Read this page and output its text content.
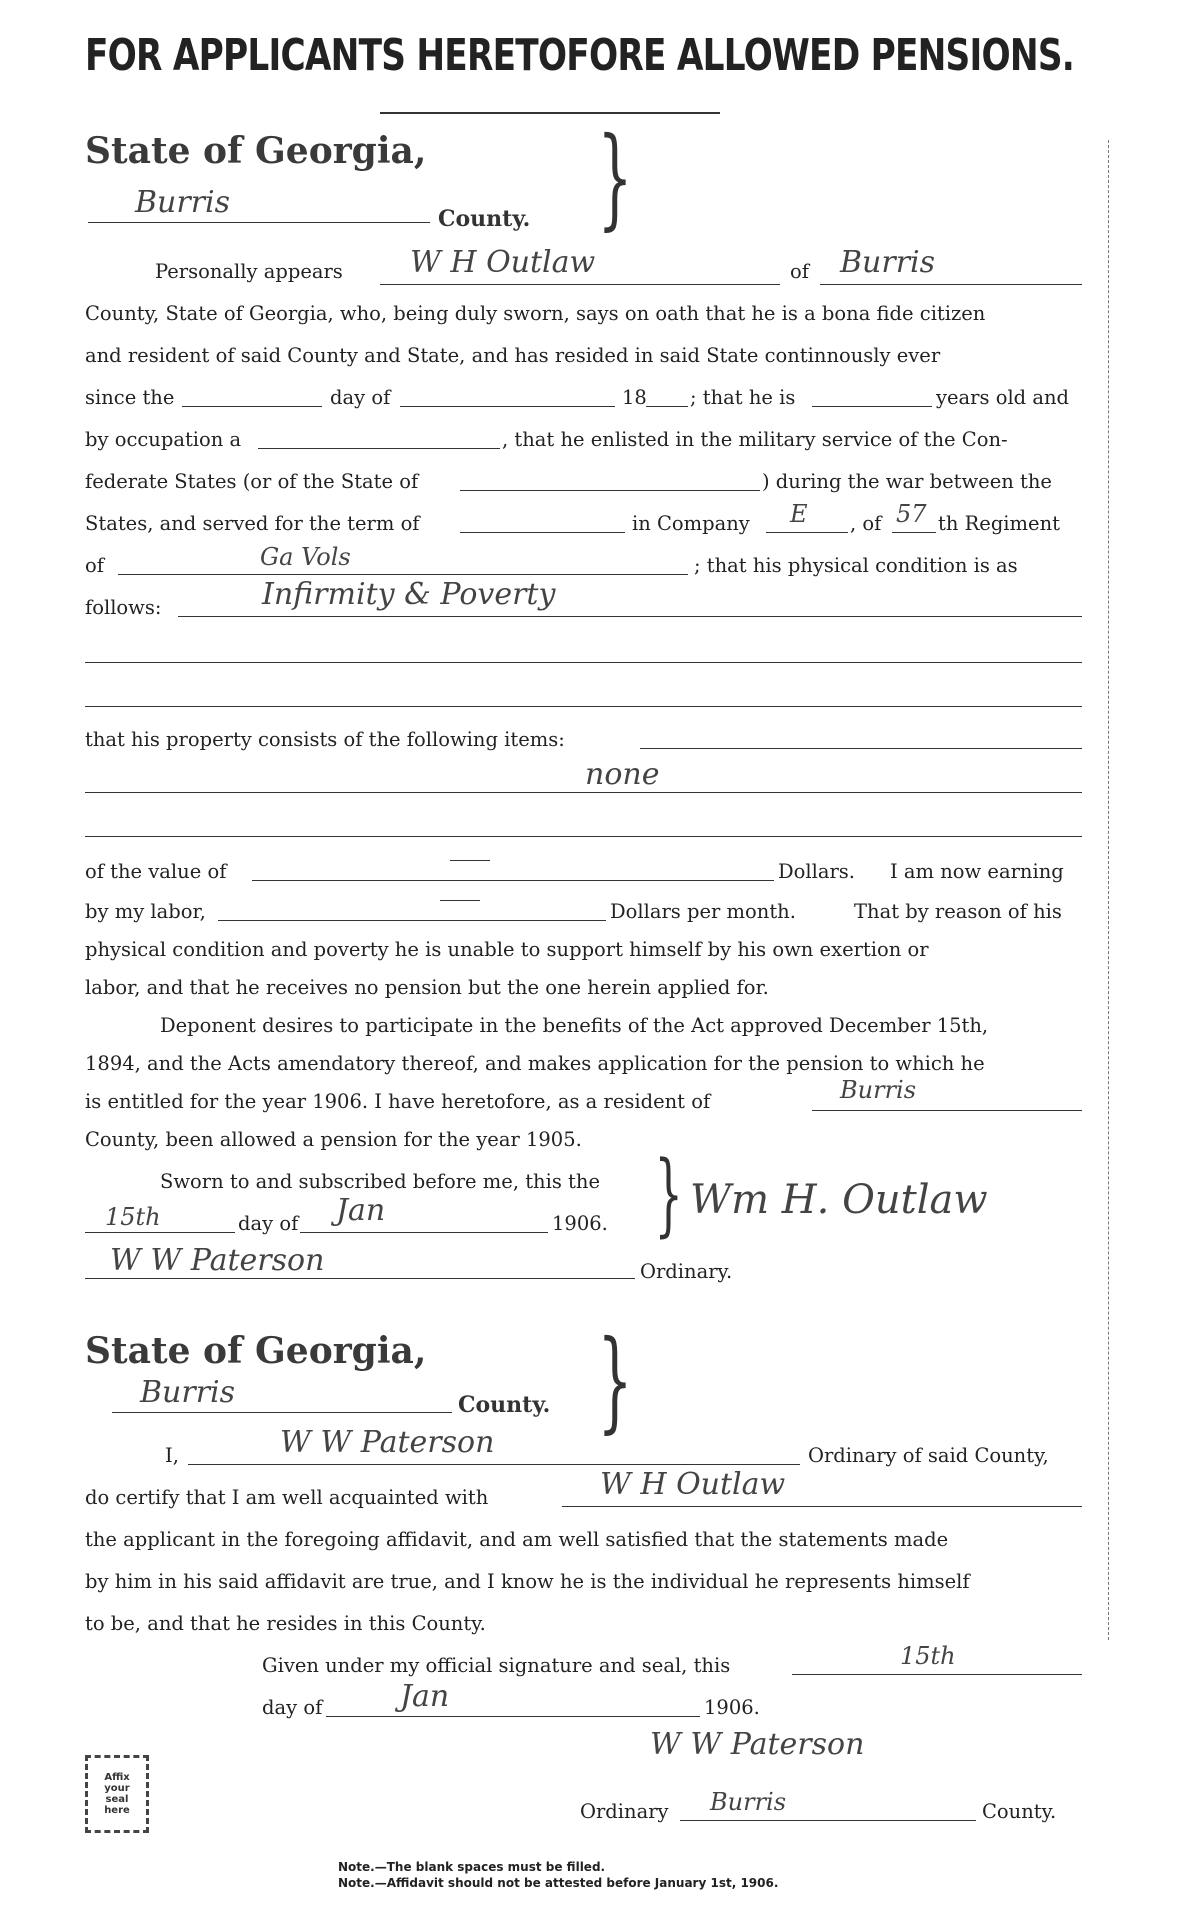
FOR APPLICANTS HERETOFORE ALLOWED PENSIONS.
State of Georgia,
Burris	County. }
Personally appears W H Outlaw	of Burris
County, State of Georgia, who, being duly sworn, says on oath that he is a bona fide citizen
and resident of said County and State, and has resided in said State continnously ever
since the	day of	18 ; that he is	years old and
by occupation a	, that he enlisted in the military service of the Con-
federate States (or of the State of	) during the war between the
States, and served for the term of	in Company E , of 57 th Regiment
of	Ga Vols	; that his physical condition is as
follows:	Infirmity & Poverty
that his property consists of the following items:
none
of the value of	Dollars. I am now earning
by my labor,	Dollars per month.	That by reason of his
physical condition and poverty he is unable to support himself by his own exertion or
labor, and that he receives no pension but the one herein applied for.
Deponent desires to participate in the benefits of the Act approved December 15th,
1894, and the Acts amendatory thereof, and makes application for the pension to which he
is entitled for the year 1906. I have heretofore, as a resident of	Burris
County, been allowed a pension for the year 1905.
Sworn to and subscribed before me, this the
15th	day of Jan	1906. } Wm H. Outlaw
W W Paterson	Ordinary.
State of Georgia,
Burris	County. }
I,	W W Paterson	Ordinary of said County,
do certify that I am well acquainted with	W H Outlaw
the applicant in the foregoing affidavit, and am well satisfied that the statements made
by him in his said affidavit are true, and I know he is the individual he represents himself
to be, and that he resides in this County.
Given under my official signature and seal, this	15th
day of	Jan	1906.
W W Paterson
Affix
your
seal
here	Ordinary Burris	County.
Note.—The blank spaces must be filled.
Note.—Affidavit should not be attested before January 1st, 1906.
